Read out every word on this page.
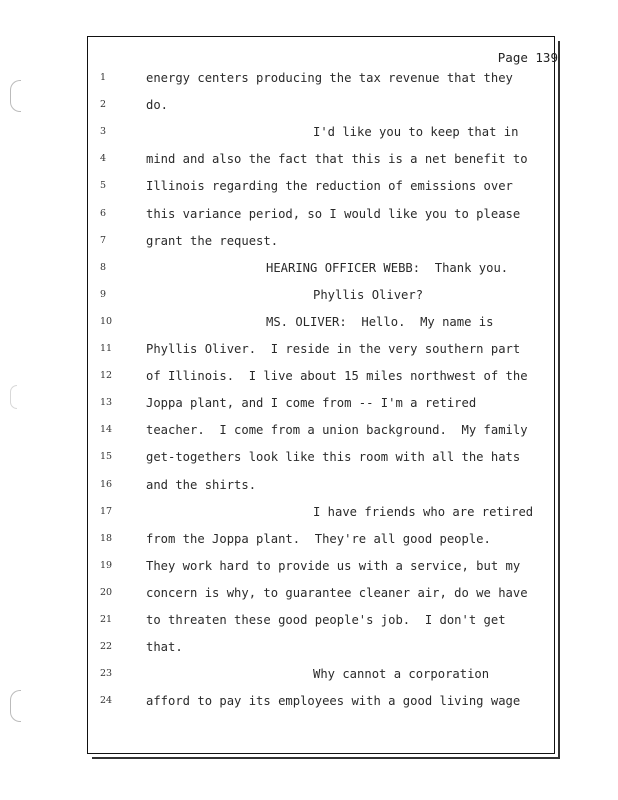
Page 139
1	energy centers producing the tax revenue that they
2	do.
3	I'd like you to keep that in
4	mind and also the fact that this is a net benefit to
5	Illinois regarding the reduction of emissions over
6	this variance period, so I would like you to please
7	grant the request.
8	HEARING OFFICER WEBB:  Thank you.
9	Phyllis Oliver?
10	MS. OLIVER:  Hello.  My name is
11	Phyllis Oliver.  I reside in the very southern part
12	of Illinois.  I live about 15 miles northwest of the
13	Joppa plant, and I come from -- I'm a retired
14	teacher.  I come from a union background.  My family
15	get-togethers look like this room with all the hats
16	and the shirts.
17	I have friends who are retired
18	from the Joppa plant.  They're all good people.
19	They work hard to provide us with a service, but my
20	concern is why, to guarantee cleaner air, do we have
21	to threaten these good people's job.  I don't get
22	that.
23	Why cannot a corporation
24	afford to pay its employees with a good living wage
